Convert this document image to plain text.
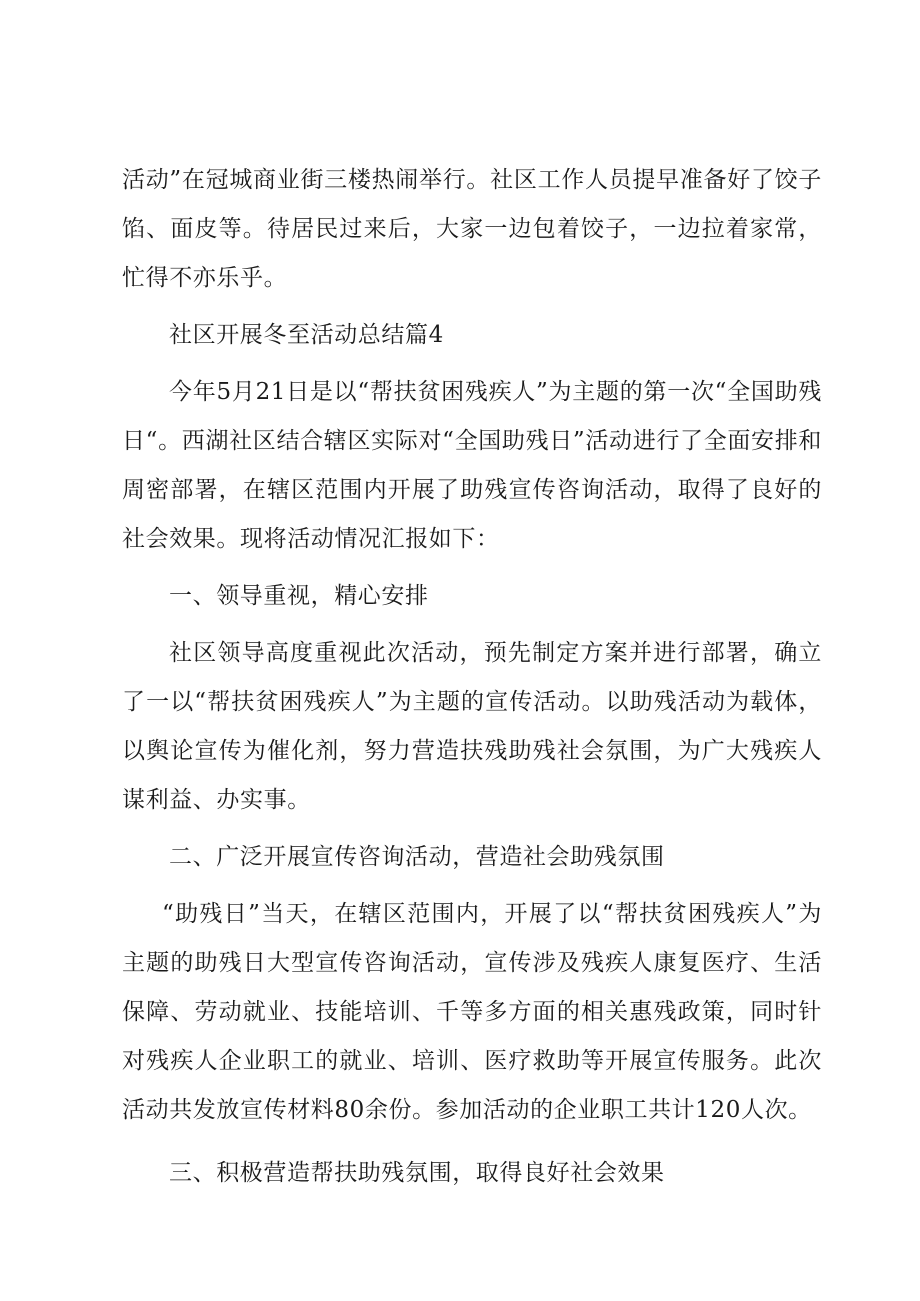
活动”在冠城商业街三楼热闹举行。社区工作人员提早准备好了饺子馅、面皮等。待居民过来后，大家一边包着饺子，一边拉着家常，忙得不亦乐乎。

社区开展冬至活动总结篇4

今年5月21日是以“帮扶贫困残疾人”为主题的第一次“全国助残日“。西湖社区结合辖区实际对“全国助残日”活动进行了全面安排和周密部署，在辖区范围内开展了助残宣传咨询活动，取得了良好的社会效果。现将活动情况汇报如下：

一、领导重视，精心安排

社区领导高度重视此次活动，预先制定方案并进行部署，确立了一以“帮扶贫困残疾人”为主题的宣传活动。以助残活动为载体，以舆论宣传为催化剂，努力营造扶残助残社会氛围，为广大残疾人谋利益、办实事。

二、广泛开展宣传咨询活动，营造社会助残氛围

“助残日”当天，在辖区范围内，开展了以“帮扶贫困残疾人”为主题的助残日大型宣传咨询活动，宣传涉及残疾人康复医疗、生活保障、劳动就业、技能培训、千等多方面的相关惠残政策，同时针对残疾人企业职工的就业、培训、医疗救助等开展宣传服务。此次活动共发放宣传材料80余份。参加活动的企业职工共计120人次。

三、积极营造帮扶助残氛围，取得良好社会效果
